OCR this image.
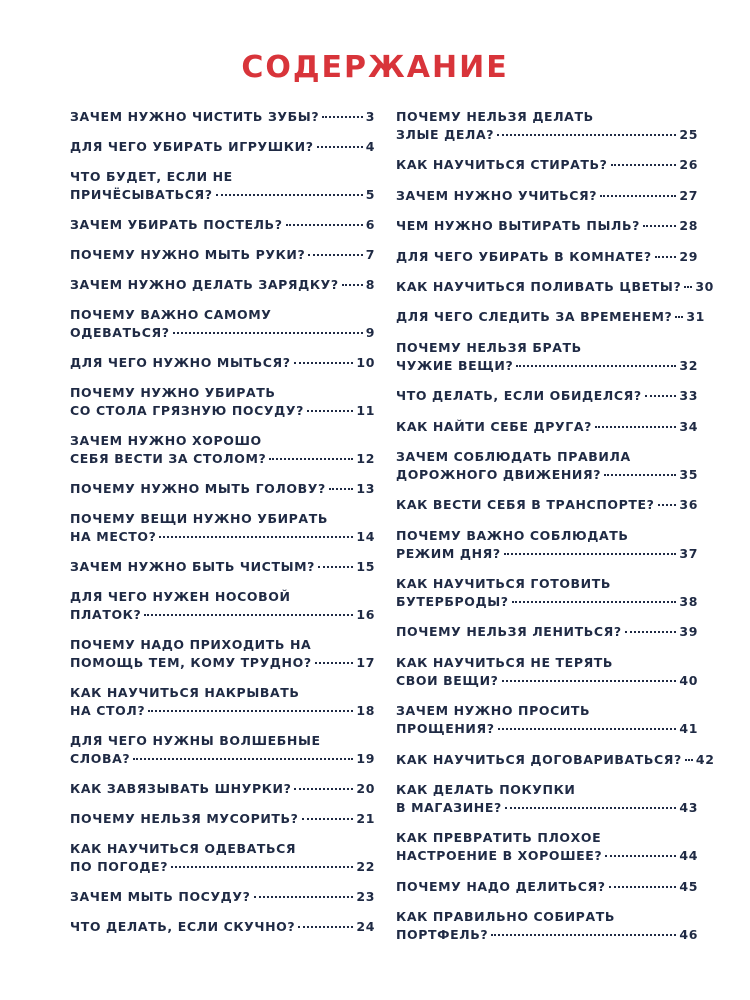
СОДЕРЖАНИЕ
ЗАЧЕМ НУЖНО ЧИСТИТЬ ЗУБЫ?	3
ДЛЯ ЧЕГО УБИРАТЬ ИГРУШКИ?	4
ЧТО БУДЕТ, ЕСЛИ НЕ
ПРИЧЁСЫВАТЬСЯ?	5
ЗАЧЕМ УБИРАТЬ ПОСТЕЛЬ?	6
ПОЧЕМУ НУЖНО МЫТЬ РУКИ?	7
ЗАЧЕМ НУЖНО ДЕЛАТЬ ЗАРЯДКУ? 8
ПОЧЕМУ ВАЖНО САМОМУ
ОДЕВАТЬСЯ?	9
ДЛЯ ЧЕГО НУЖНО МЫТЬСЯ?	10
ПОЧЕМУ НУЖНО УБИРАТЬ
СО СТОЛА ГРЯЗНУЮ ПОСУДУ?	11
ЗАЧЕМ НУЖНО ХОРОШО
СЕБЯ ВЕСТИ ЗА СТОЛОМ?	12
ПОЧЕМУ НУЖНО МЫТЬ ГОЛОВУ? 13
ПОЧЕМУ ВЕЩИ НУЖНО УБИРАТЬ
НА МЕСТО?	14
ЗАЧЕМ НУЖНО БЫТЬ ЧИСТЫМ?	15
ДЛЯ ЧЕГО НУЖЕН НОСОВОЙ
ПЛАТОК?	16
ПОЧЕМУ НАДО ПРИХОДИТЬ НА
ПОМОЩЬ ТЕМ, КОМУ ТРУДНО?	17
КАК НАУЧИТЬСЯ НАКРЫВАТЬ
НА СТОЛ?	18
ДЛЯ ЧЕГО НУЖНЫ ВОЛШЕБНЫЕ
СЛОВА?	19
КАК ЗАВЯЗЫВАТЬ ШНУРКИ?	20
ПОЧЕМУ НЕЛЬЗЯ МУСОРИТЬ?	21
КАК НАУЧИТЬСЯ ОДЕВАТЬСЯ
ПО ПОГОДЕ?	22
ЗАЧЕМ МЫТЬ ПОСУДУ?	23
ЧТО ДЕЛАТЬ, ЕСЛИ СКУЧНО?	24
ПОЧЕМУ НЕЛЬЗЯ ДЕЛАТЬ
ЗЛЫЕ ДЕЛА?	25
КАК НАУЧИТЬСЯ СТИРАТЬ?	26
ЗАЧЕМ НУЖНО УЧИТЬСЯ?	27
ЧЕМ НУЖНО ВЫТИРАТЬ ПЫЛЬ?	28
ДЛЯ ЧЕГО УБИРАТЬ В КОМНАТЕ? 29
КАК НАУЧИТЬСЯ ПОЛИВАТЬ ЦВЕТЫ? 30
ДЛЯ ЧЕГО СЛЕДИТЬ ЗА ВРЕМЕНЕМ? 31
ПОЧЕМУ НЕЛЬЗЯ БРАТЬ
ЧУЖИЕ ВЕЩИ?	32
ЧТО ДЕЛАТЬ, ЕСЛИ ОБИДЕЛСЯ?	33
КАК НАЙТИ СЕБЕ ДРУГА?	34
ЗАЧЕМ СОБЛЮДАТЬ ПРАВИЛА
ДОРОЖНОГО ДВИЖЕНИЯ?	35
КАК ВЕСТИ СЕБЯ В ТРАНСПОРТЕ? 36
ПОЧЕМУ ВАЖНО СОБЛЮДАТЬ
РЕЖИМ ДНЯ?	37
КАК НАУЧИТЬСЯ ГОТОВИТЬ
БУТЕРБРОДЫ?	38
ПОЧЕМУ НЕЛЬЗЯ ЛЕНИТЬСЯ?	39
КАК НАУЧИТЬСЯ НЕ ТЕРЯТЬ
СВОИ ВЕЩИ?	40
ЗАЧЕМ НУЖНО ПРОСИТЬ
ПРОЩЕНИЯ?	41
КАК НАУЧИТЬСЯ ДОГОВАРИВАТЬСЯ? 42
КАК ДЕЛАТЬ ПОКУПКИ
В МАГАЗИНЕ?	43
КАК ПРЕВРАТИТЬ ПЛОХОЕ
НАСТРОЕНИЕ В ХОРОШЕЕ?	44
ПОЧЕМУ НАДО ДЕЛИТЬСЯ?	45
КАК ПРАВИЛЬНО СОБИРАТЬ
ПОРТФЕЛЬ?	46
